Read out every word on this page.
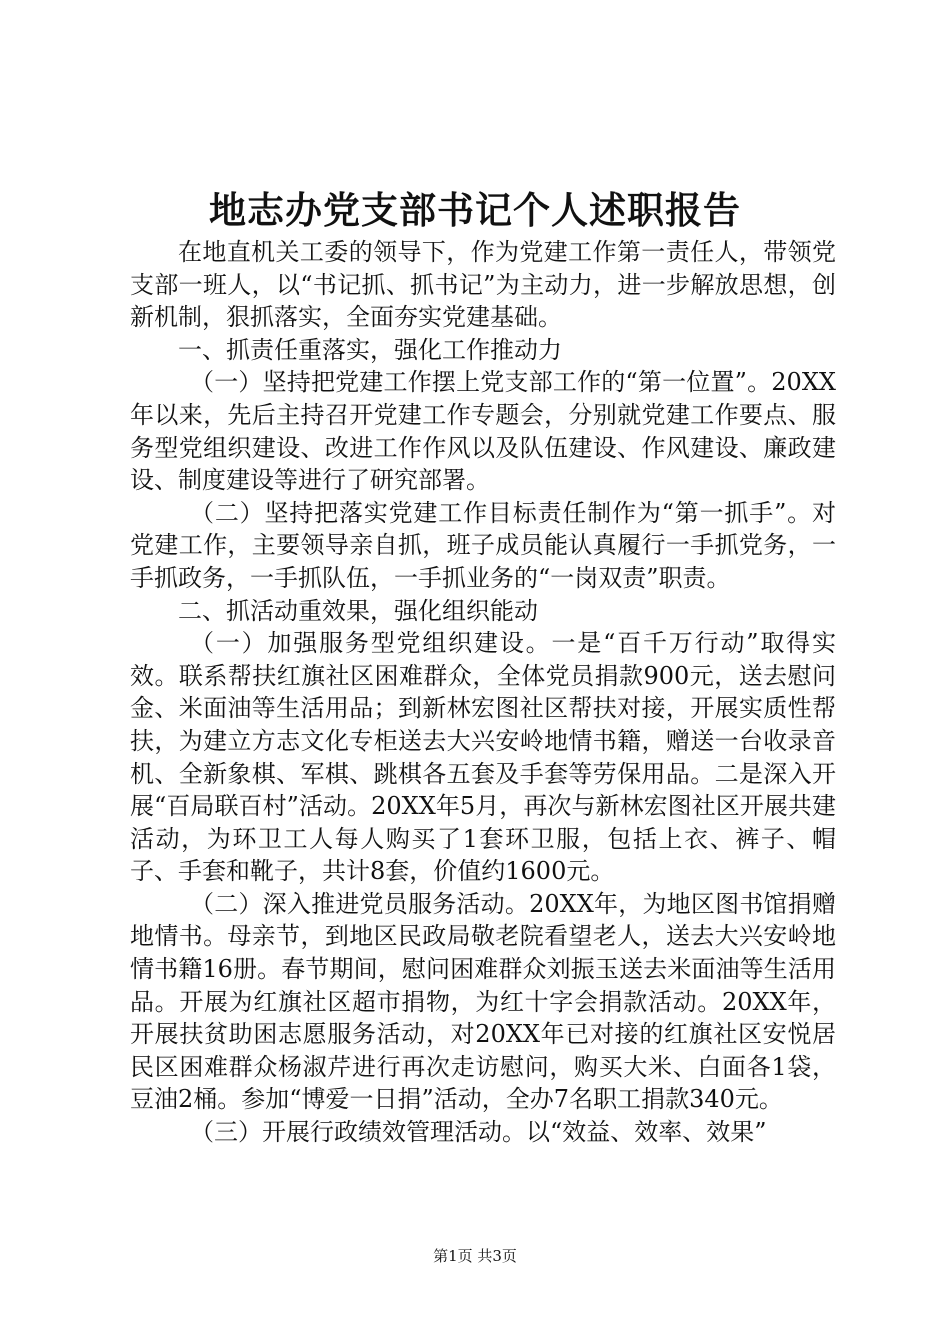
地志办党支部书记个人述职报告

在地直机关工委的领导下，作为党建工作第一责任人，带领党支部一班人，以“书记抓、抓书记”为主动力，进一步解放思想，创新机制，狠抓落实，全面夯实党建基础。

一、抓责任重落实，强化工作推动力

（一）坚持把党建工作摆上党支部工作的“第一位置”。20XX年以来，先后主持召开党建工作专题会，分别就党建工作要点、服务型党组织建设、改进工作作风以及队伍建设、作风建设、廉政建设、制度建设等进行了研究部署。

（二）坚持把落实党建工作目标责任制作为“第一抓手”。对党建工作，主要领导亲自抓，班子成员能认真履行一手抓党务，一手抓政务，一手抓队伍，一手抓业务的“一岗双责”职责。

二、抓活动重效果，强化组织能动

（一）加强服务型党组织建设。一是“百千万行动”取得实效。联系帮扶红旗社区困难群众，全体党员捐款900元，送去慰问金、米面油等生活用品；到新林宏图社区帮扶对接，开展实质性帮扶，为建立方志文化专柜送去大兴安岭地情书籍，赠送一台收录音机、全新象棋、军棋、跳棋各五套及手套等劳保用品。二是深入开展“百局联百村”活动。20XX年5月，再次与新林宏图社区开展共建活动，为环卫工人每人购买了1套环卫服，包括上衣、裤子、帽子、手套和靴子，共计8套，价值约1600元。

（二）深入推进党员服务活动。20XX年，为地区图书馆捐赠地情书。母亲节，到地区民政局敬老院看望老人，送去大兴安岭地情书籍16册。春节期间，慰问困难群众刘振玉送去米面油等生活用品。开展为红旗社区超市捐物，为红十字会捐款活动。20XX年，开展扶贫助困志愿服务活动，对20XX年已对接的红旗社区安悦居民区困难群众杨淑芹进行再次走访慰问，购买大米、白面各1袋，豆油2桶。参加“博爱一日捐”活动，全办7名职工捐款340元。

（三）开展行政绩效管理活动。以“效益、效率、效果”

第1页 共3页
